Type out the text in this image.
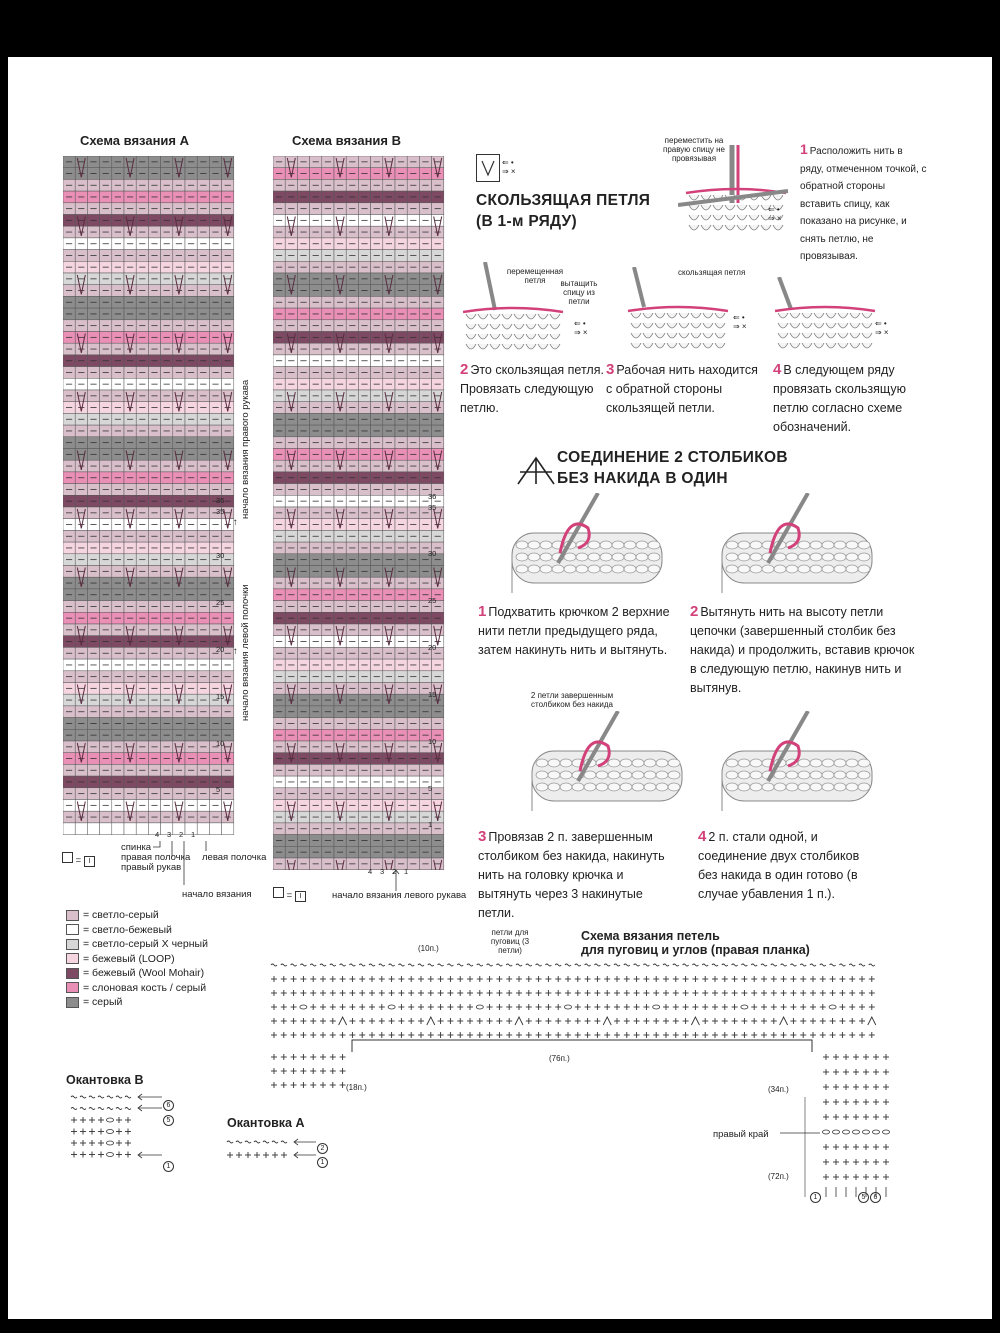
Схема вязания А
36
35
30
25
20
15
10
5
4 3 2 1
начало вязания правого рукава
начало вязания левой полочки
↑
↑
= I
спинка
правая полочка
правый рукав
левая полочка
начало вязания
Схема вязания В
36
35
30
25
20
15
10
5
1
4 3 2 1
= I	начало вязания левого рукава
= светло-серый
= светло-бежевый
= светло-серый Х черный
= бежевый (LOOP)
= бежевый (Wool Mohair)
= слоновая кость / серый
= серый
⇐ •
⇒ ×
СКОЛЬЗЯЩАЯ ПЕТЛЯ
(В 1-м РЯДУ)
переместить на правую спицу не провязывая
⇐ •
⇒ ×
1 Расположить нить в ряду, отмеченном точкой, с обратной стороны вставить спицу, как показано на рисунке, и снять петлю, не провязывая.
перемещенная петля	вытащить спицу из петли
⇐ •
⇒ ×
2 Это скользящая петля. Провязать следующую петлю.
скользящая петля
⇐ •
⇒ ×
3 Рабочая нить находится с обратной стороны скользящей петли.
⇐ •
⇒ ×
4 В следующем ряду провязать скользящую петлю согласно схеме обозначений.
СОЕДИНЕНИЕ 2 СТОЛБИКОВ
БЕЗ НАКИДА В ОДИН
1 Подхватить крючком 2 верхние нити петли предыдущего ряда, затем накинуть нить и вытянуть.
2 Вытянуть нить на высоту петли цепочки (завершенный столбик без накида) и продолжить, вставив крючок в следующую петлю, накинув нить и вытянув.
2 петли завершенным столбиком без накида
3 Провязав 2 п. завершенным столбиком без накида, накинуть нить на головку крючка и вытянуть через 3 накинутые петли.
4 2 п. стали одной, и соединение двух столбиков без накида в один готово (в случае убавления 1 п.).
Схема вязания петель
для пуговиц и углов (правая планка)
(10п.)
петли для пуговиц (3 петли)
(76п.)
(18п.)	(34п.)
правый край
(72п.)
1	5	6
Окантовка В
6
5
1
Окантовка А
2
1
